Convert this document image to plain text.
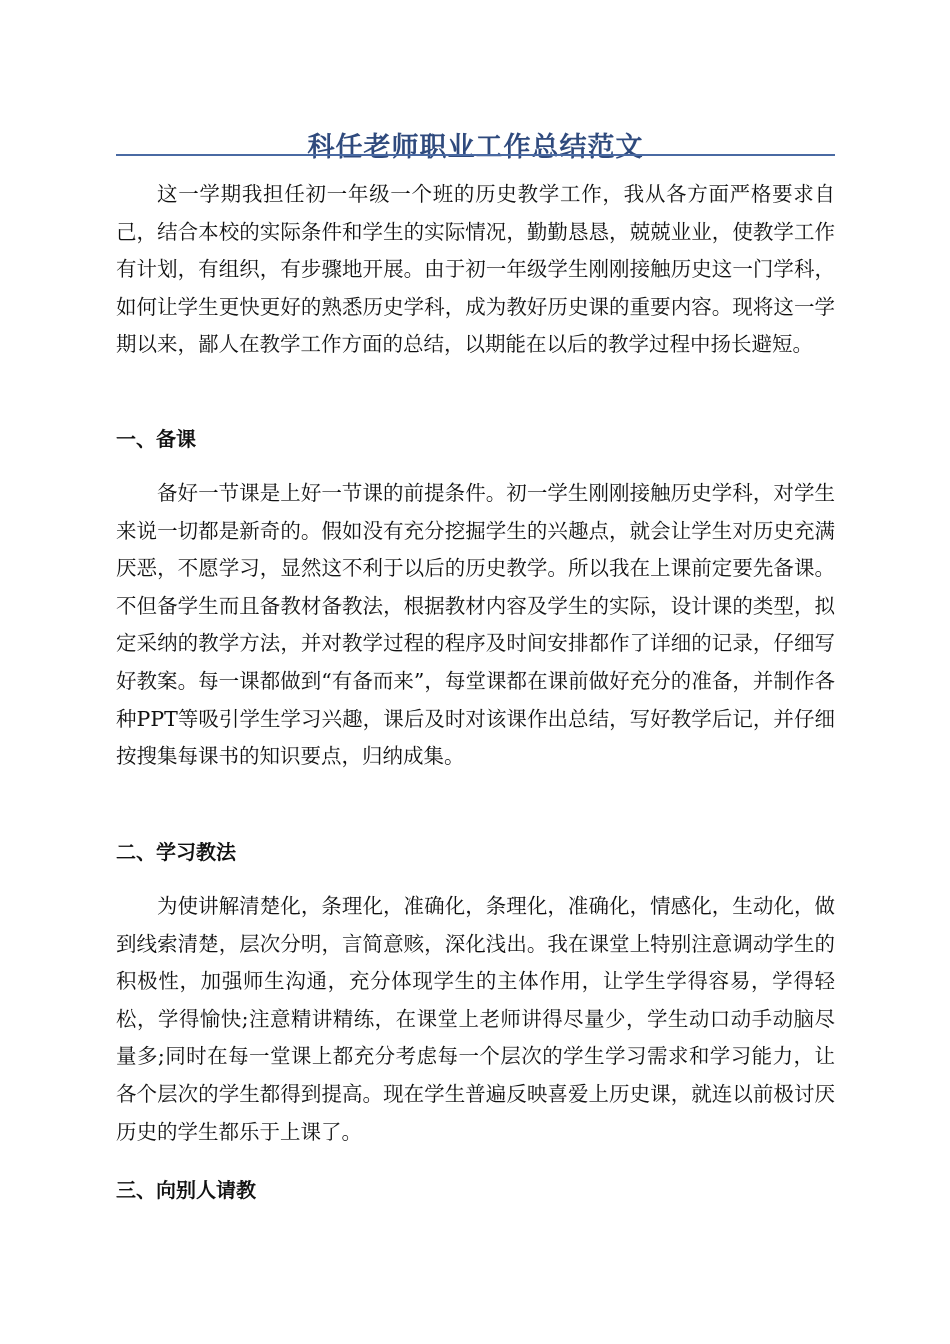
科任老师职业工作总结范文

这一学期我担任初一年级一个班的历史教学工作，我从各方面严格要求自己，结合本校的实际条件和学生的实际情况，勤勤恳恳，兢兢业业，使教学工作有计划，有组织，有步骤地开展。由于初一年级学生刚刚接触历史这一门学科，如何让学生更快更好的熟悉历史学科，成为教好历史课的重要内容。现将这一学期以来，鄙人在教学工作方面的总结，以期能在以后的教学过程中扬长避短。

一、备课

备好一节课是上好一节课的前提条件。初一学生刚刚接触历史学科，对学生来说一切都是新奇的。假如没有充分挖掘学生的兴趣点，就会让学生对历史充满厌恶，不愿学习，显然这不利于以后的历史教学。所以我在上课前定要先备课。不但备学生而且备教材备教法，根据教材内容及学生的实际，设计课的类型，拟定采纳的教学方法，并对教学过程的程序及时间安排都作了详细的记录，仔细写好教案。每一课都做到“有备而来”，每堂课都在课前做好充分的准备，并制作各种PPT等吸引学生学习兴趣，课后及时对该课作出总结，写好教学后记，并仔细按搜集每课书的知识要点，归纳成集。

二、学习教法

为使讲解清楚化，条理化，准确化，条理化，准确化，情感化，生动化，做到线索清楚，层次分明，言简意赅，深化浅出。我在课堂上特别注意调动学生的积极性，加强师生沟通，充分体现学生的主体作用，让学生学得容易，学得轻松，学得愉快;注意精讲精练，在课堂上老师讲得尽量少，学生动口动手动脑尽量多;同时在每一堂课上都充分考虑每一个层次的学生学习需求和学习能力，让各个层次的学生都得到提高。现在学生普遍反映喜爱上历史课，就连以前极讨厌历史的学生都乐于上课了。

三、向别人请教
